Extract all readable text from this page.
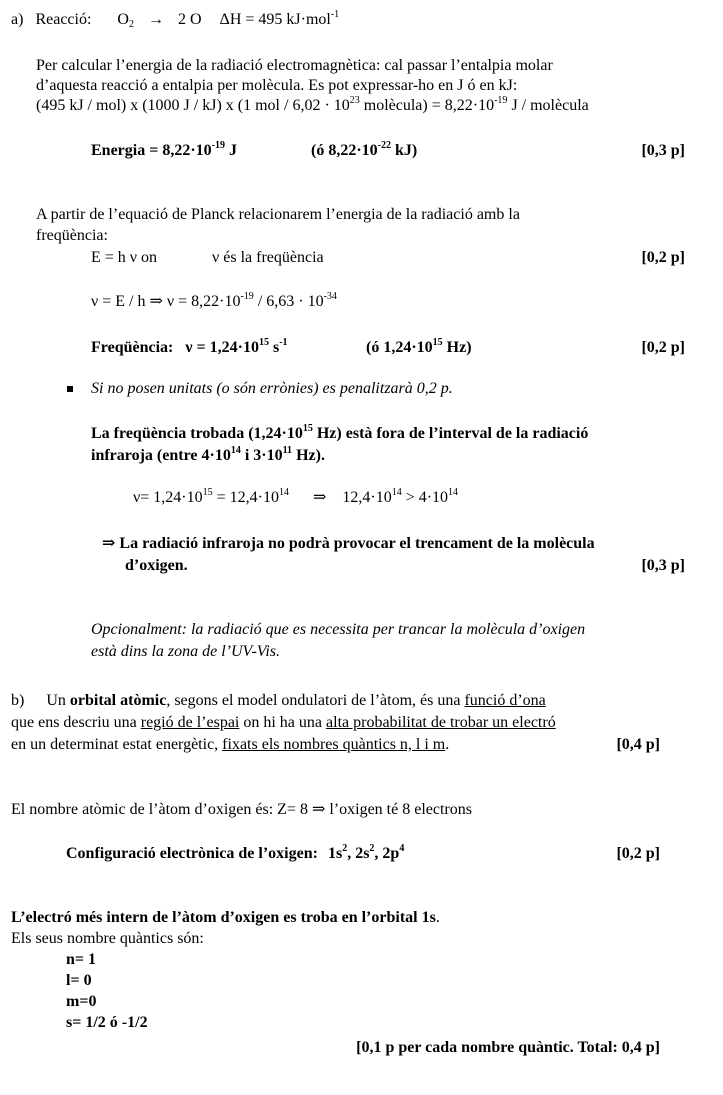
a) Reacció: $O_2 \to 2$ O ΔH = 495 kJ·mol$^{-1}$
Per calcular l’energia de la radiació electromagnètica: cal passar l’entalpia molar
d’aquesta reacció a entalpia per molècula. Es pot expressar-ho en J ó en kJ:
(495 kJ / mol) x (1000 J / kJ) x (1 mol / $6,02 \cdot 10^{23}$ molècula) = $8,22\cdot 10^{-19}$ J / molècula
Energia = $8,22\cdot 10^{-19}$ J	(ó $8,22\cdot 10^{-22}$ kJ)	[0,3 p]
A partir de l’equació de Planck relacionarem l’energia de la radiació amb la
freqüència:
E = h ν on	ν és la freqüència	[0,2 p]
ν = E / h ⇒ $\nu = 8,22\cdot 10^{-19} / 6,63 \cdot 10^{-34}$
Freqüència: $\nu = 1,24\cdot 10^{15}$ $s^{-1}$	(ó $1,24\cdot 10^{15}$ Hz)	[0,2 p]
Si no posen unitats (o són errònies) es penalitzarà 0,2 p.
La freqüència trobada ($1,24\cdot 10^{15}$ Hz) està fora de l’interval de la radiació
infraroja (entre $4\cdot 10^{14}$ i $3\cdot 10^{11}$ Hz).
$\nu= 1,24\cdot 10^{15} = 12,4\cdot 10^{14}$ ⇒ $12,4\cdot 10^{14} > 4\cdot 10^{14}$
⇒ La radiació infraroja no podrà provocar el trencament de la molècula
d’oxigen.	[0,3 p]
Opcionalment: la radiació que es necessita per trancar la molècula d’oxigen
està dins la zona de l’UV-Vis.
b) Un orbital atòmic, segons el model ondulatori de l’àtom, és una funció d’ona
que ens descriu una regió de l’espai on hi ha una alta probabilitat de trobar un electró
en un determinat estat energètic, fixats els nombres quàntics n, l i m.	[0,4 p]
El nombre atòmic de l’àtom d’oxigen és: Z= 8 ⇒ l’oxigen té 8 electrons
Configuració electrònica de l’oxigen: $1s^2$, $2s^2$, $2p^4$	[0,2 p]
L’electró més intern de l’àtom d’oxigen es troba en l’orbital 1s.
Els seus nombre quàntics són:
n= 1
l= 0
m=0
s= 1/2 ó -1/2
[0,1 p per cada nombre quàntic. Total: 0,4 p]
